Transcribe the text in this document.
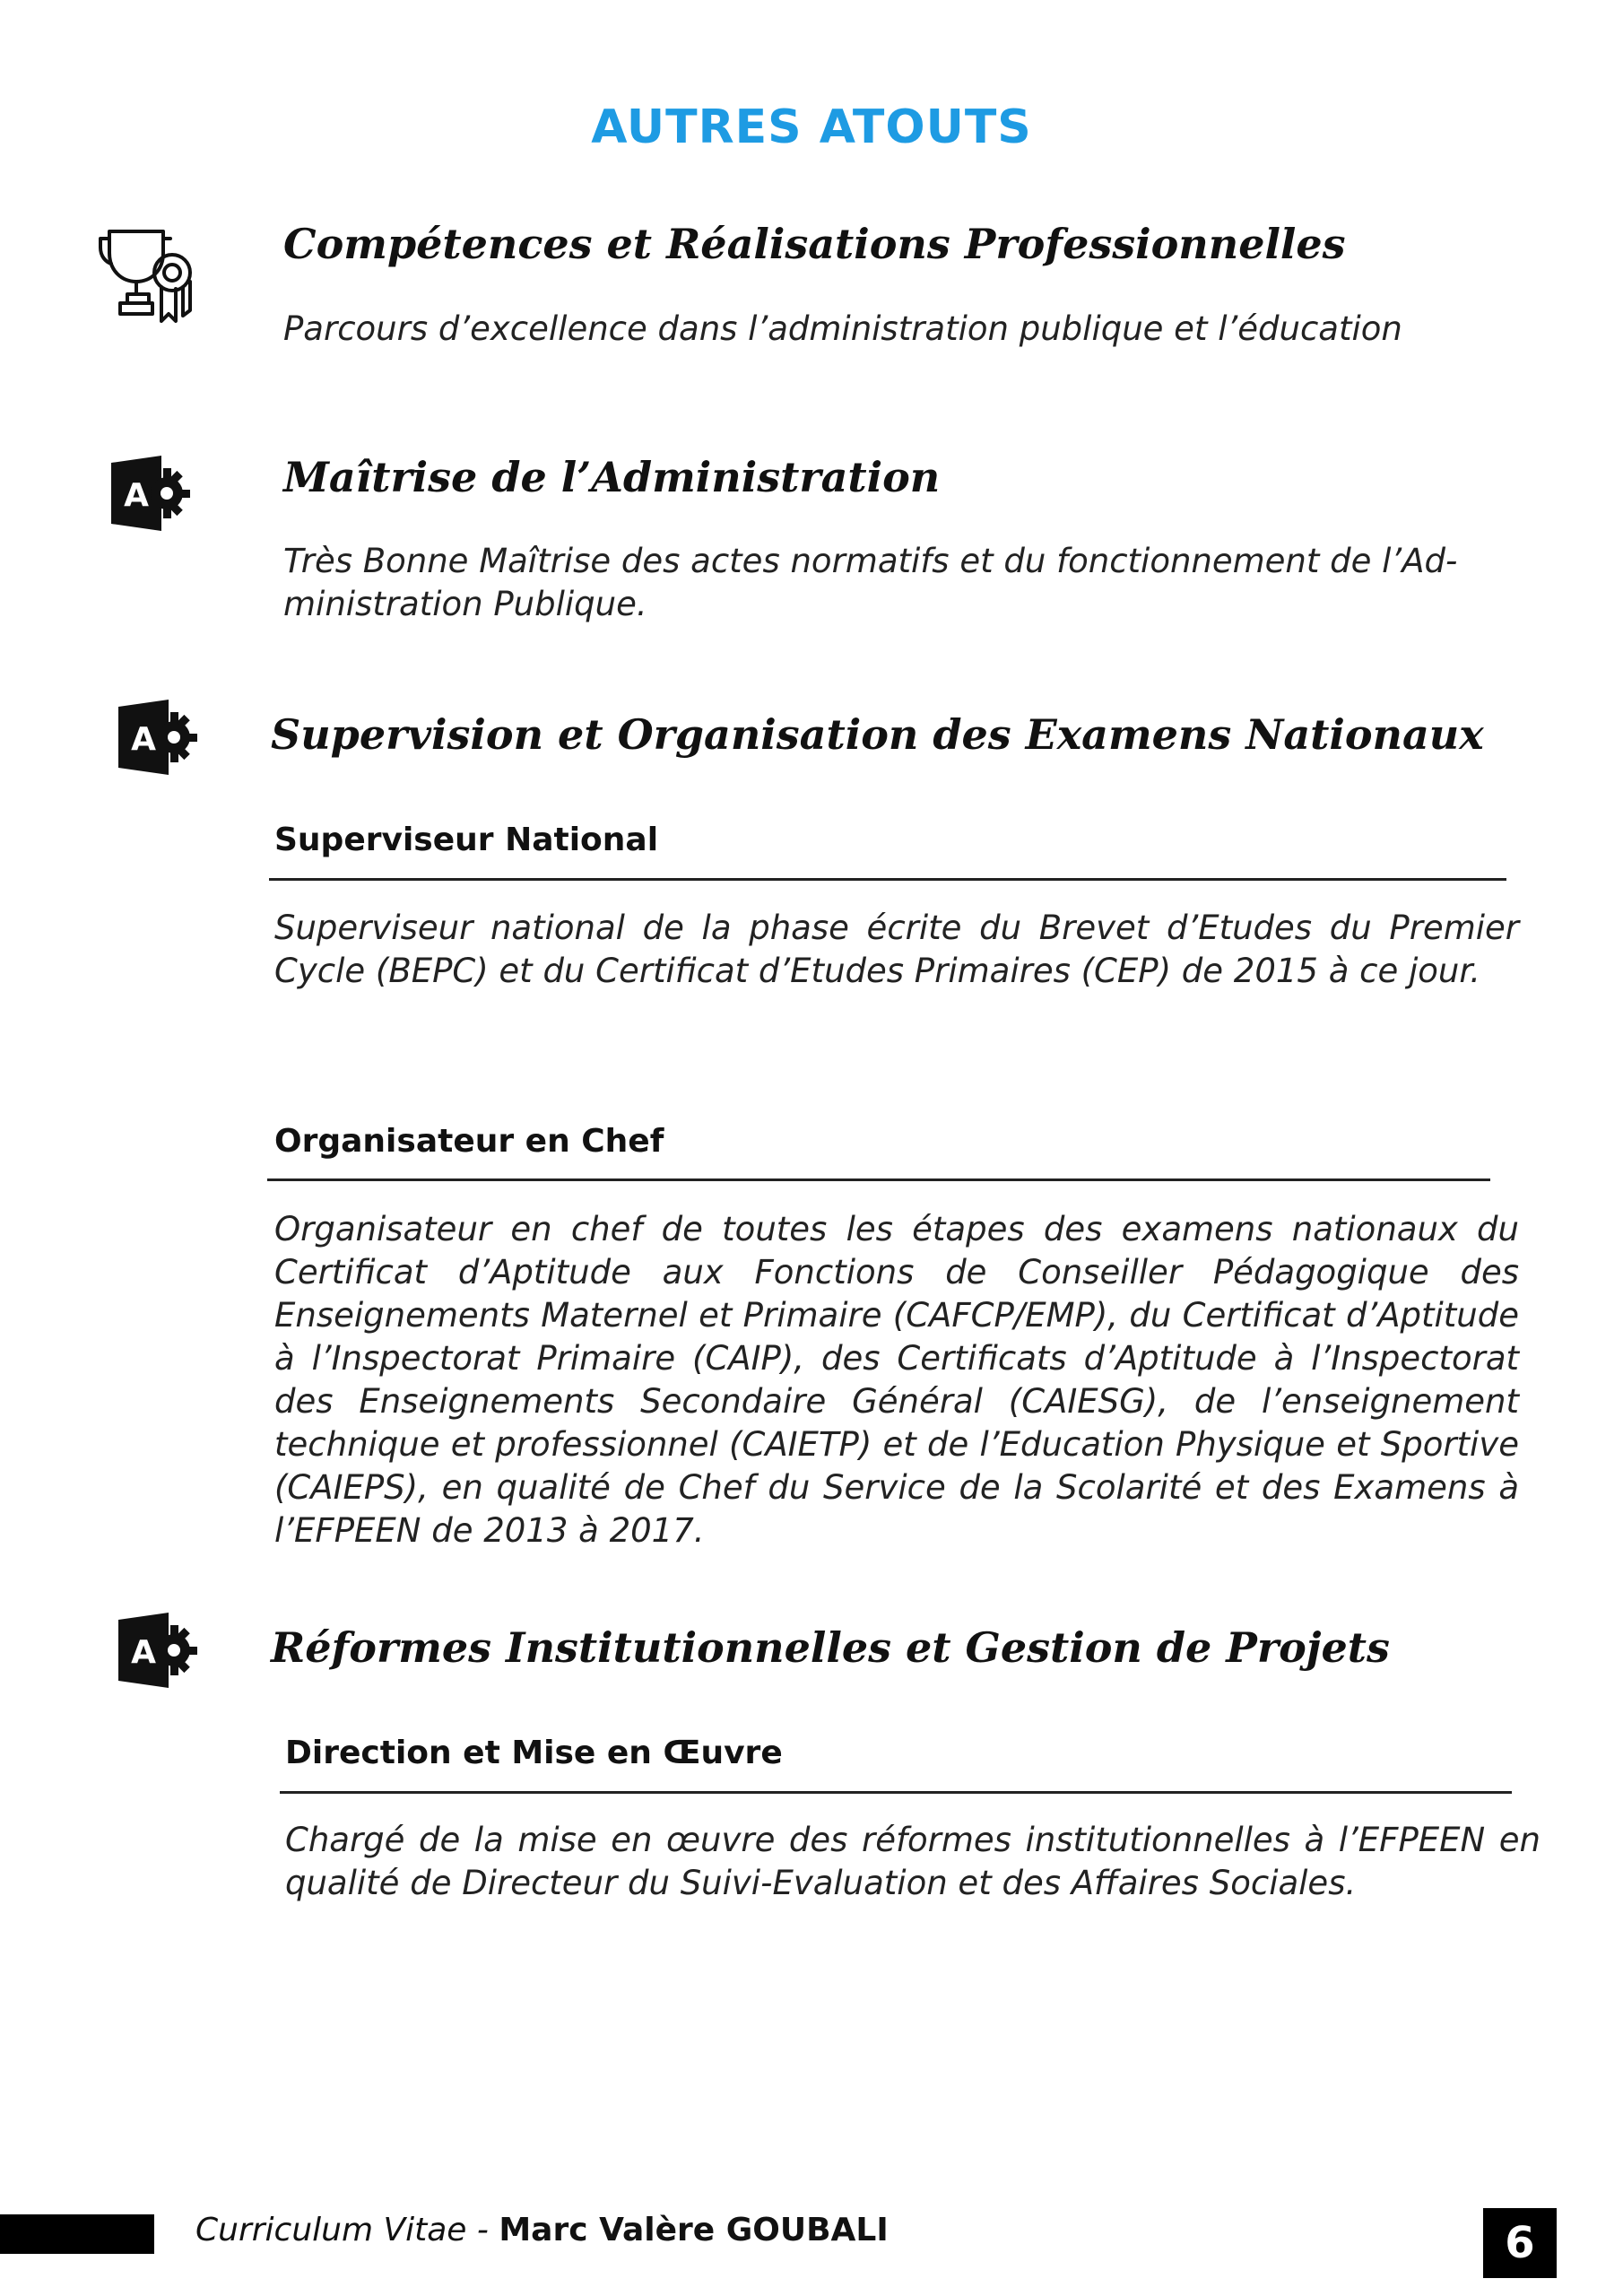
AUTRES ATOUTS
Compétences et Réalisations Professionnelles

Parcours d’excellence dans l’administration publique et l’éducation

A	Maîtrise de l’Administration

Très Bonne Maîtrise des actes normatifs et du fonctionnement de l’Ad-

ministration Publique.

A	Supervision et Organisation des Examens Nationaux
Superviseur National

Superviseur national de la phase écrite du Brevet d’Etudes du Premier Cycle (BEPC) et du Certificat d’Etudes Primaires (CEP) de 2015 à ce jour.

Organisateur en Chef

Organisateur en chef de toutes les étapes des examens nationaux du Certificat d’Aptitude aux Fonctions de Conseiller Pédagogique des Enseignements Maternel et Primaire (CAFCP/EMP), du Certificat d’Aptitude à l’Inspectorat Primaire (CAIP), des Certificats d’Aptitude à l’Inspectorat des Enseignements Secondaire Général (CAIESG), de l’enseignement technique et professionnel (CAIETP) et de l’Education Physique et Sportive (CAIEPS), en qualité de Chef du Service de la Scolarité et des Examens à l’EFPEEN de 2013 à 2017.

A	Réformes Institutionnelles et Gestion de Projets
Direction et Mise en Œuvre

Chargé de la mise en œuvre des réformes institutionnelles à l’EFPEEN en qualité de Directeur du Suivi-Evaluation et des Affaires Sociales.

Curriculum Vitae - Marc Valère GOUBALI	6
